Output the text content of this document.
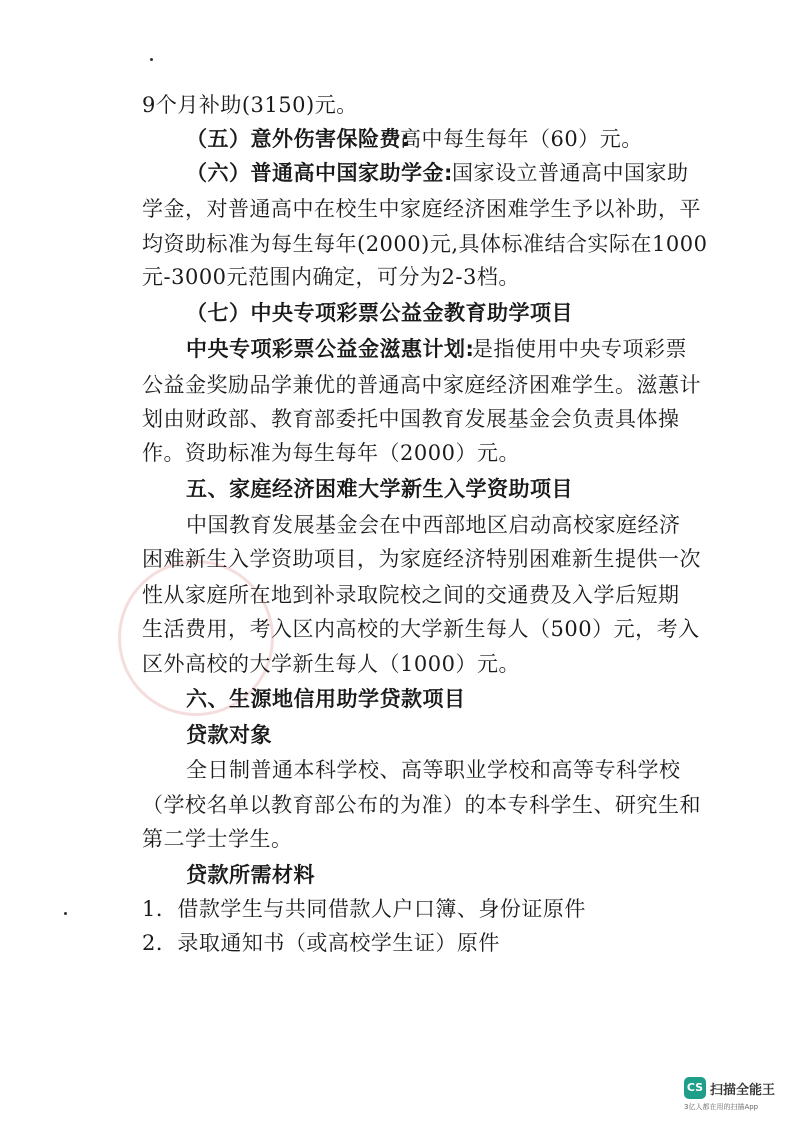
9个月补助(3150)元。
（五）意外伤害保险费:
高中每生每年（60）元。
（六）普通高中国家助学金: 国家设立普通高中国家助
学金，对普通高中在校生中家庭经济困难学生予以补助，平
均资助标准为每生每年(2000)元,具体标准结合实际在1000
元-3000元范围内确定，可分为2-3档。
（七）中央专项彩票公益金教育助学项目
中央专项彩票公益金滋惠计划:
是指使用中央专项彩票
公益金奖励品学兼优的普通高中家庭经济困难学生。滋蕙计
划由财政部、教育部委托中国教育发展基金会负责具体操
作。资助标准为每生每年（2000）元。
五、家庭经济困难大学新生入学资助项目
中国教育发展基金会在中西部地区启动高校家庭经济
困难新生入学资助项目，为家庭经济特别困难新生提供一次
性从家庭所在地到补录取院校之间的交通费及入学后短期
生活费用，考入区内高校的大学新生每人（500）元，考入
区外高校的大学新生每人（1000）元。
六、生源地信用助学贷款项目
贷款对象
全日制普通本科学校、高等职业学校和高等专科学校
（学校名单以教育部公布的为准）的本专科学生、研究生和
第二学士学生。
贷款所需材料
1．借款学生与共同借款人户口簿、身份证原件
2．录取通知书（或高校学生证）原件
CS 扫描全能王
3亿人都在用的扫描App
